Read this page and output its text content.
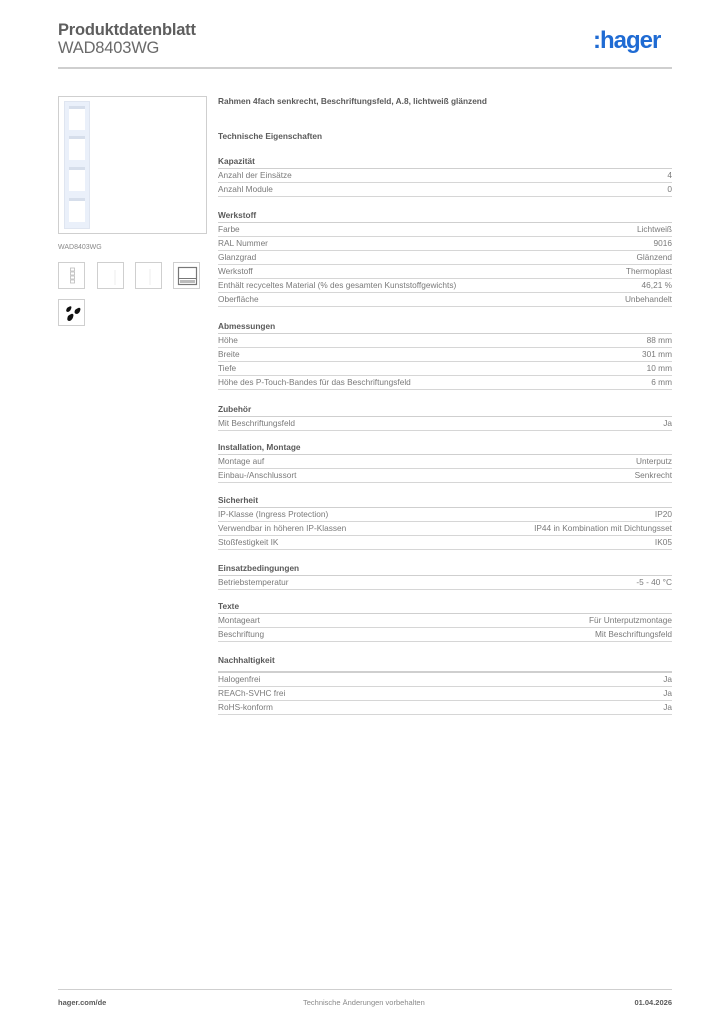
Produktdatenblatt
WAD8403WG	:hager
WAD8403WG
Rahmen 4fach senkrecht, Beschriftungsfeld, A.8, lichtweiß glänzend
Technische Eigenschaften
Kapazität
Anzahl der Einsätze	4
Anzahl Module	0
Werkstoff
Farbe	Lichtweiß
RAL Nummer	9016
Glanzgrad	Glänzend
Werkstoff	Thermoplast
Enthält recyceltes Material (% des gesamten Kunststoffgewichts)	46,21 %
Oberfläche	Unbehandelt
Abmessungen
Höhe	88 mm
Breite	301 mm
Tiefe	10 mm
Höhe des P-Touch-Bandes für das Beschriftungsfeld	6 mm
Zubehör
Mit Beschriftungsfeld	Ja
Installation, Montage
Montage auf	Unterputz
Einbau-/Anschlussort	Senkrecht
Sicherheit
IP-Klasse (Ingress Protection)	IP20
Verwendbar in höheren IP-Klassen	IP44 in Kombination mit Dichtungsset
Stoßfestigkeit IK	IK05
Einsatzbedingungen
Betriebstemperatur	-5 - 40 °C
Texte
Montageart	Für Unterputzmontage
Beschriftung	Mit Beschriftungsfeld
Nachhaltigkeit
Halogenfrei	Ja
REACh-SVHC frei	Ja
RoHS-konform	Ja
hager.com/de	Technische Änderungen vorbehalten	01.04.2026
